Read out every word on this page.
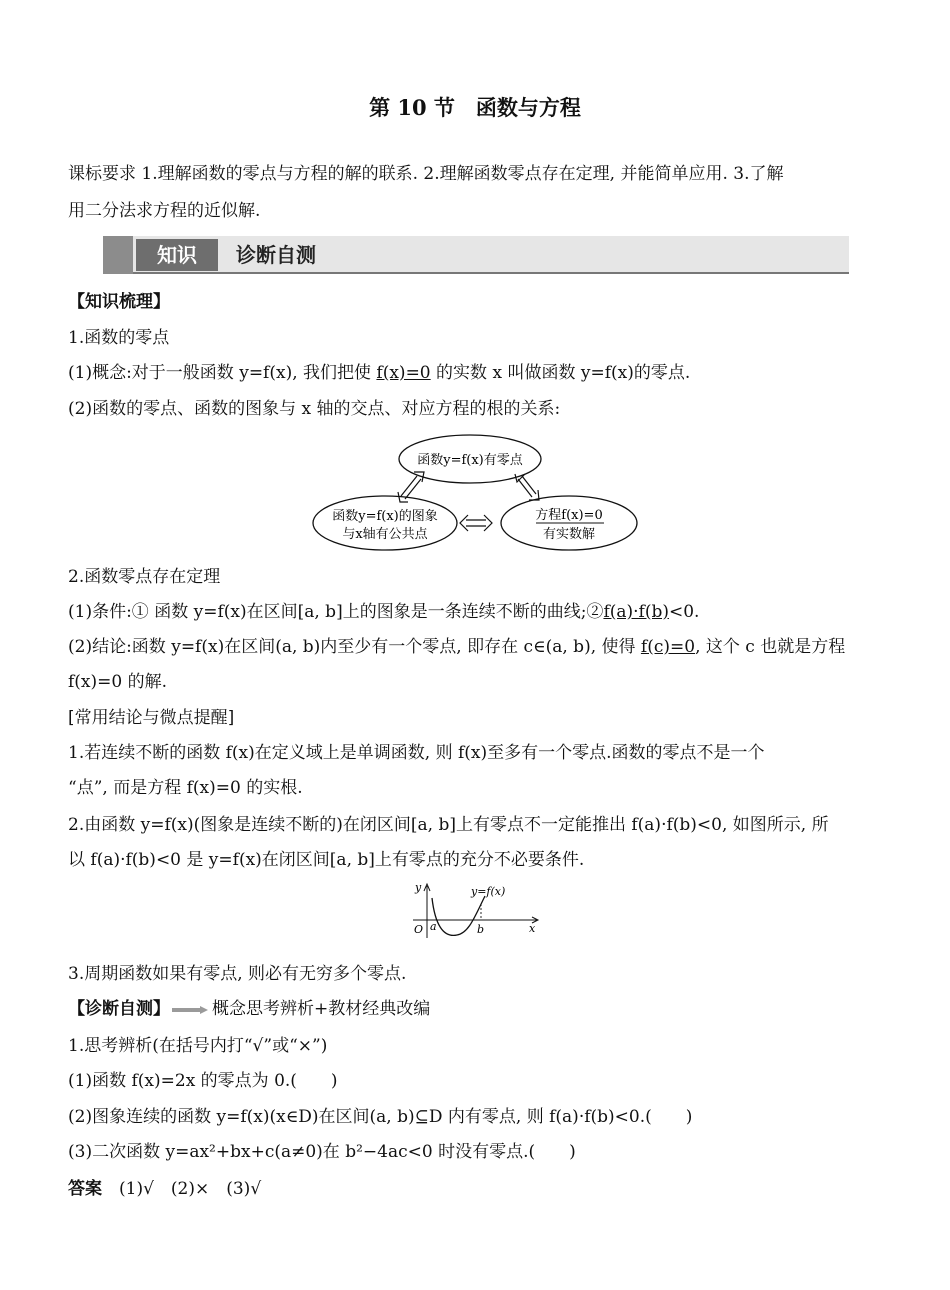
第 10 节　函数与方程
课标要求 1.理解函数的零点与方程的解的联系. 2.理解函数零点存在定理, 并能简单应用. 3.了解
用二分法求方程的近似解.
知识	诊断自测
【知识梳理】
1.函数的零点
(1)概念:对于一般函数 y=f(x), 我们把使 f(x)=0 的实数 x 叫做函数 y=f(x)的零点.
(2)函数的零点、函数的图象与 x 轴的交点、对应方程的根的关系:
函数y=f(x)有零点
函数y=f(x)的图象
与x轴有公共点
方程f(x)=0
有实数解
2.函数零点存在定理
(1)条件:① 函数 y=f(x)在区间[a, b]上的图象是一条连续不断的曲线;②f(a)·f(b)<0.
(2)结论:函数 y=f(x)在区间(a, b)内至少有一个零点, 即存在 c∈(a, b), 使得 f(c)=0, 这个 c 也就是方程
f(x)=0 的解.
[常用结论与微点提醒]
1.若连续不断的函数 f(x)在定义域上是单调函数, 则 f(x)至多有一个零点.函数的零点不是一个
“点”, 而是方程 f(x)=0 的实根.
2.由函数 y=f(x)(图象是连续不断的)在闭区间[a, b]上有零点不一定能推出 f(a)·f(b)<0, 如图所示, 所
以 f(a)·f(b)<0 是 y=f(x)在闭区间[a, b]上有零点的充分不必要条件.
y
x
O a	b
y=f(x)
3.周期函数如果有零点, 则必有无穷多个零点.
【诊断自测】 概念思考辨析+教材经典改编
1.思考辨析(在括号内打“√”或“×”)
(1)函数 f(x)=2x 的零点为 0.(　　)
(2)图象连续的函数 y=f(x)(x∈D)在区间(a, b)⊆D 内有零点, 则 f(a)·f(b)<0.(　　)
(3)二次函数 y=ax²+bx+c(a≠0)在 b²−4ac<0 时没有零点.(　　)
答案　 (1)√　(2)×　(3)√
